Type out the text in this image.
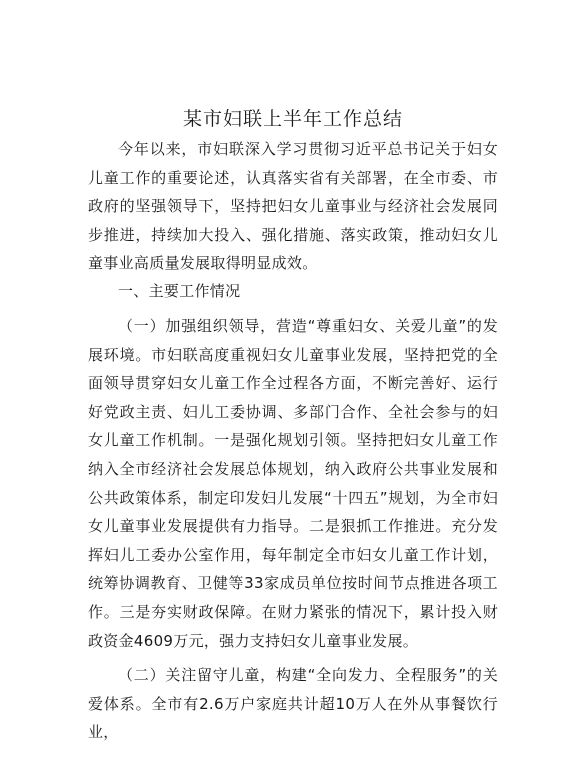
某市妇联上半年工作总结

今年以来，市妇联深入学习贯彻习近平总书记关于妇女儿童工作的重要论述，认真落实省有关部署，在全市委、市政府的坚强领导下，坚持把妇女儿童事业与经济社会发展同步推进，持续加大投入、强化措施、落实政策，推动妇女儿童事业高质量发展取得明显成效。

一、主要工作情况

（一）加强组织领导，营造“尊重妇女、关爱儿童”的发展环境。市妇联高度重视妇女儿童事业发展，坚持把党的全面领导贯穿妇女儿童工作全过程各方面，不断完善好、运行好党政主责、妇儿工委协调、多部门合作、全社会参与的妇女儿童工作机制。一是强化规划引领。坚持把妇女儿童工作纳入全市经济社会发展总体规划，纳入政府公共事业发展和公共政策体系，制定印发妇儿发展“十四五”规划，为全市妇女儿童事业发展提供有力指导。二是狠抓工作推进。充分发挥妇儿工委办公室作用，每年制定全市妇女儿童工作计划，统筹协调教育、卫健等33家成员单位按时间节点推进各项工作。三是夯实财政保障。在财力紧张的情况下，累计投入财政资金4609万元，强力支持妇女儿童事业发展。

（二）关注留守儿童，构建“全向发力、全程服务”的关爱体系。全市有2.6万户家庭共计超10万人在外从事餐饮行业，
